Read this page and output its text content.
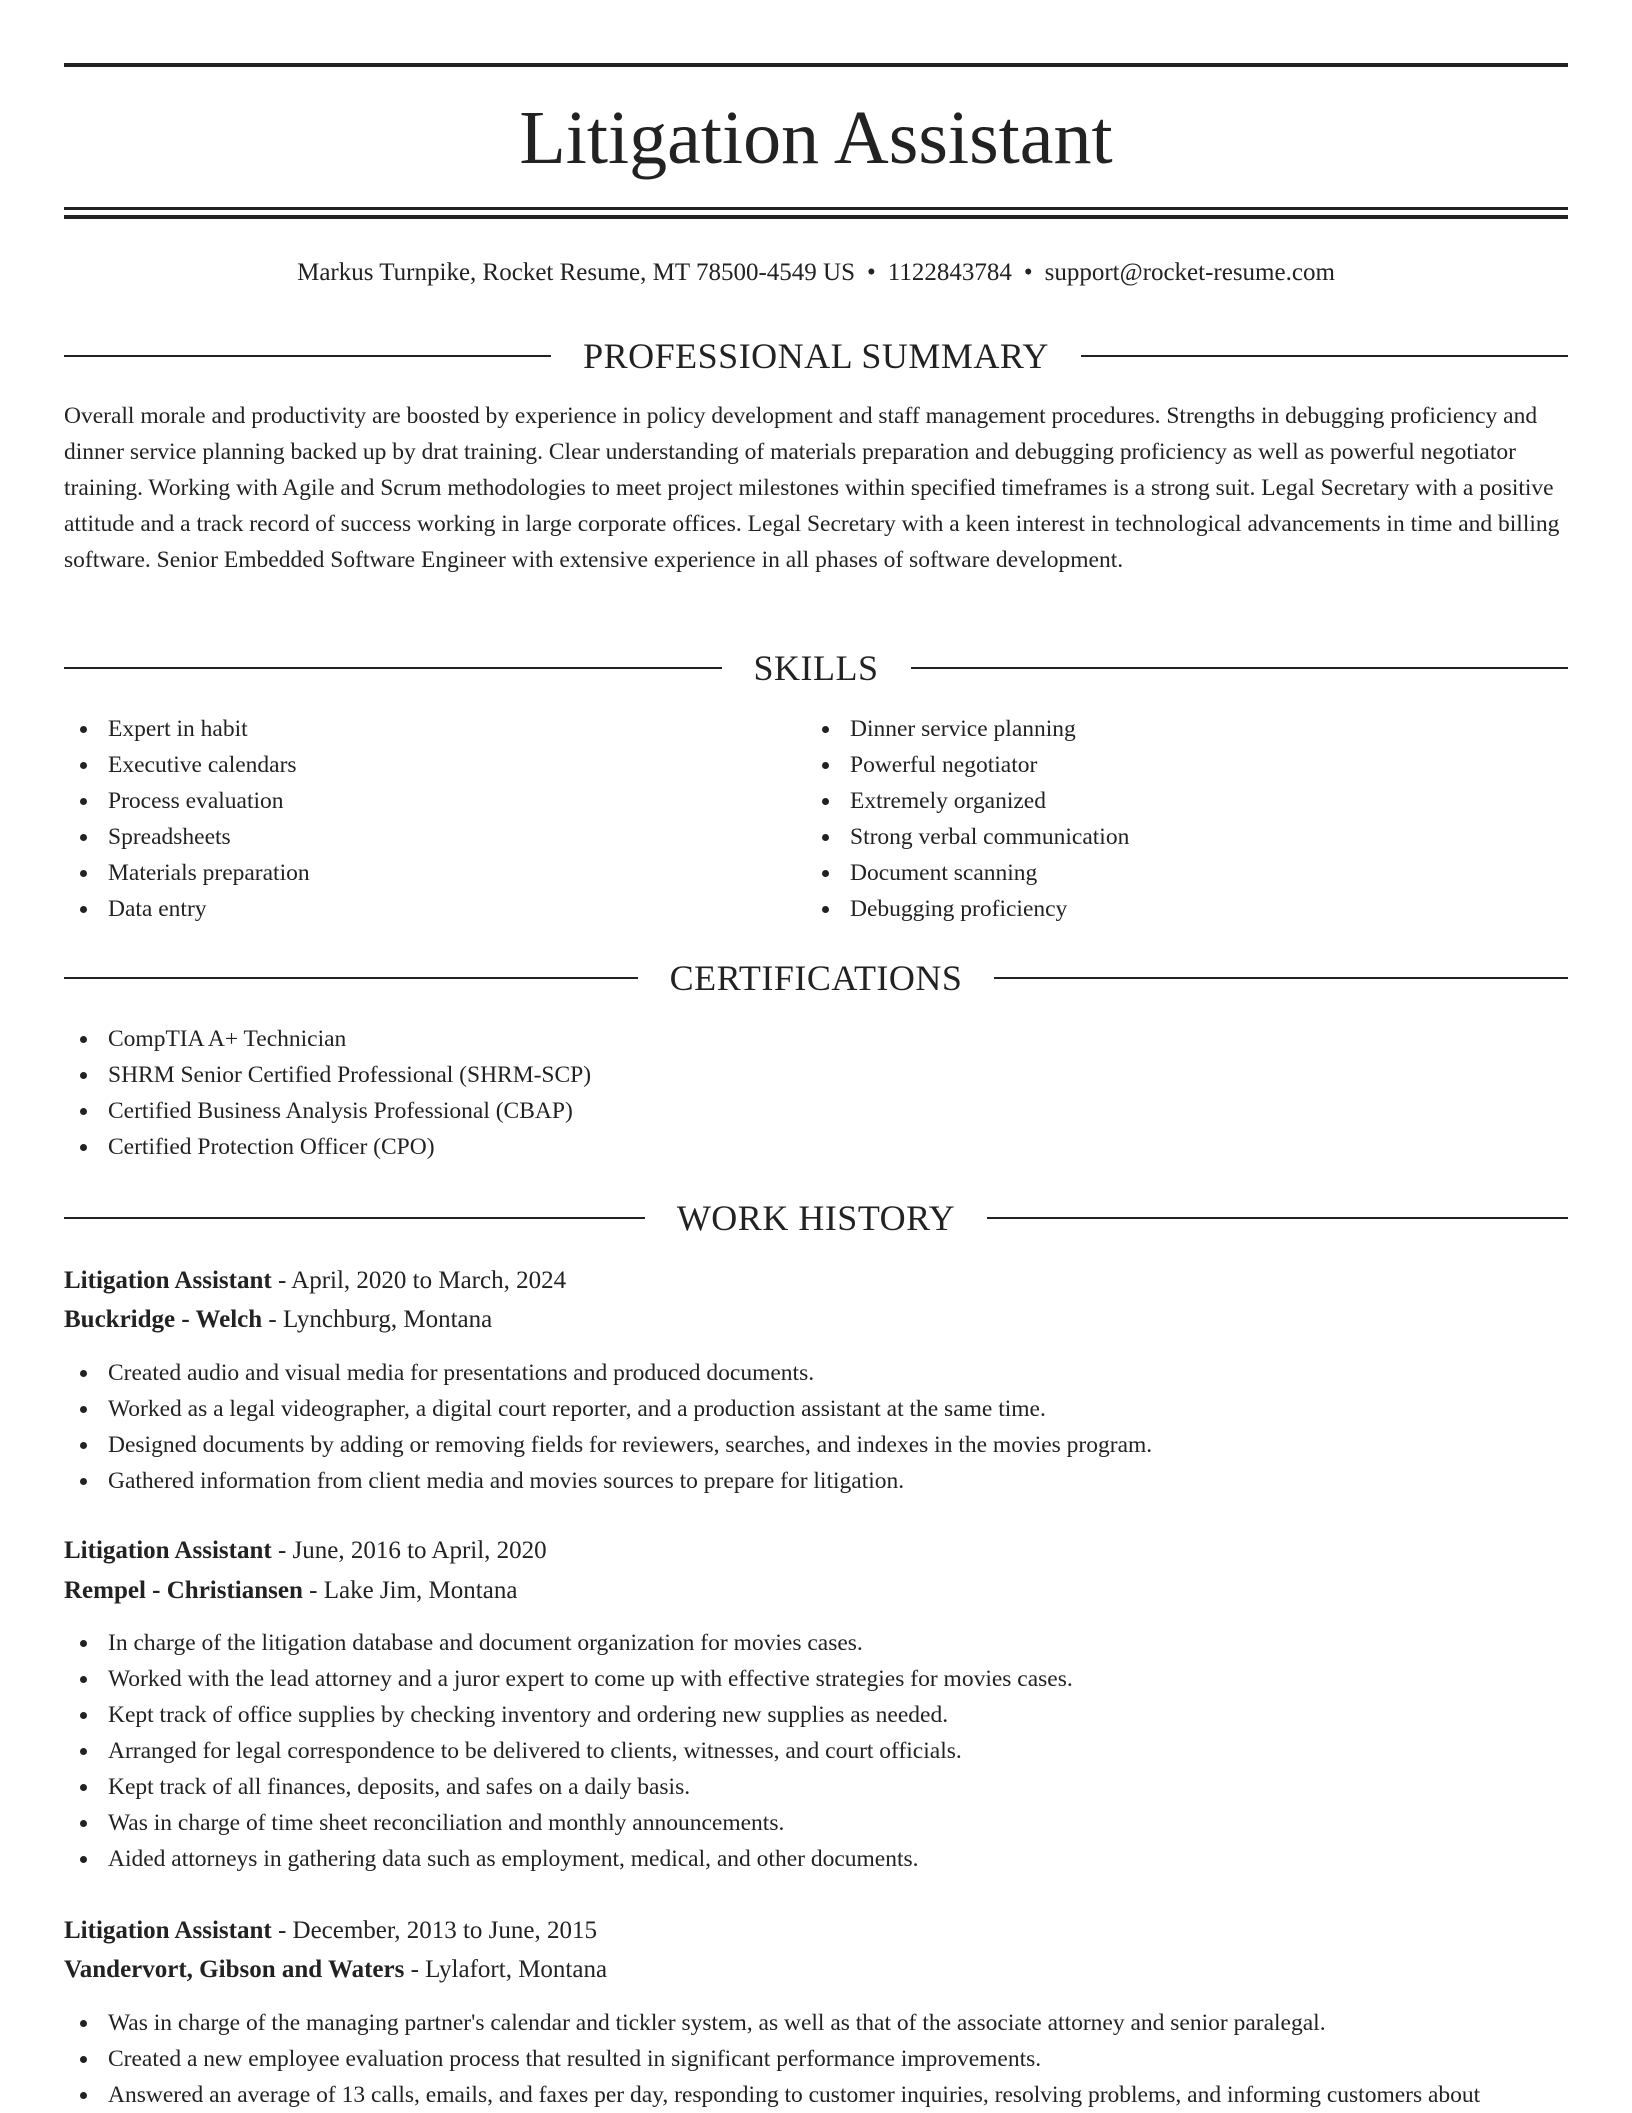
Litigation Assistant
Markus Turnpike, Rocket Resume, MT 78500-4549 US • 1122843784 • support@rocket-resume.com
PROFESSIONAL SUMMARY

Overall morale and productivity are boosted by experience in policy development and staff management procedures. Strengths in debugging proficiency and dinner service planning backed up by drat training. Clear understanding of materials preparation and debugging proficiency as well as powerful negotiator training. Working with Agile and Scrum methodologies to meet project milestones within specified timeframes is a strong suit. Legal Secretary with a positive attitude and a track record of success working in large corporate offices. Legal Secretary with a keen interest in technological advancements in time and billing software. Senior Embedded Software Engineer with extensive experience in all phases of software development.

SKILLS
Expert in habit
Executive calendars
Process evaluation
Spreadsheets
Materials preparation
Data entry
Dinner service planning
Powerful negotiator
Extremely organized
Strong verbal communication
Document scanning
Debugging proficiency
CERTIFICATIONS
CompTIA A+ Technician
SHRM Senior Certified Professional (SHRM-SCP)
Certified Business Analysis Professional (CBAP)
Certified Protection Officer (CPO)
WORK HISTORY
Litigation Assistant - April, 2020 to March, 2024
Buckridge - Welch - Lynchburg, Montana
Created audio and visual media for presentations and produced documents.
Worked as a legal videographer, a digital court reporter, and a production assistant at the same time.
Designed documents by adding or removing fields for reviewers, searches, and indexes in the movies program.
Gathered information from client media and movies sources to prepare for litigation.
Litigation Assistant - June, 2016 to April, 2020
Rempel - Christiansen - Lake Jim, Montana
In charge of the litigation database and document organization for movies cases.
Worked with the lead attorney and a juror expert to come up with effective strategies for movies cases.
Kept track of office supplies by checking inventory and ordering new supplies as needed.
Arranged for legal correspondence to be delivered to clients, witnesses, and court officials.
Kept track of all finances, deposits, and safes on a daily basis.
Was in charge of time sheet reconciliation and monthly announcements.
Aided attorneys in gathering data such as employment, medical, and other documents.
Litigation Assistant - December, 2013 to June, 2015
Vandervort, Gibson and Waters - Lylafort, Montana
Was in charge of the managing partner's calendar and tickler system, as well as that of the associate attorney and senior paralegal.
Created a new employee evaluation process that resulted in significant performance improvements.
Answered an average of 13 calls, emails, and faxes per day, responding to customer inquiries, resolving problems, and informing customers about
